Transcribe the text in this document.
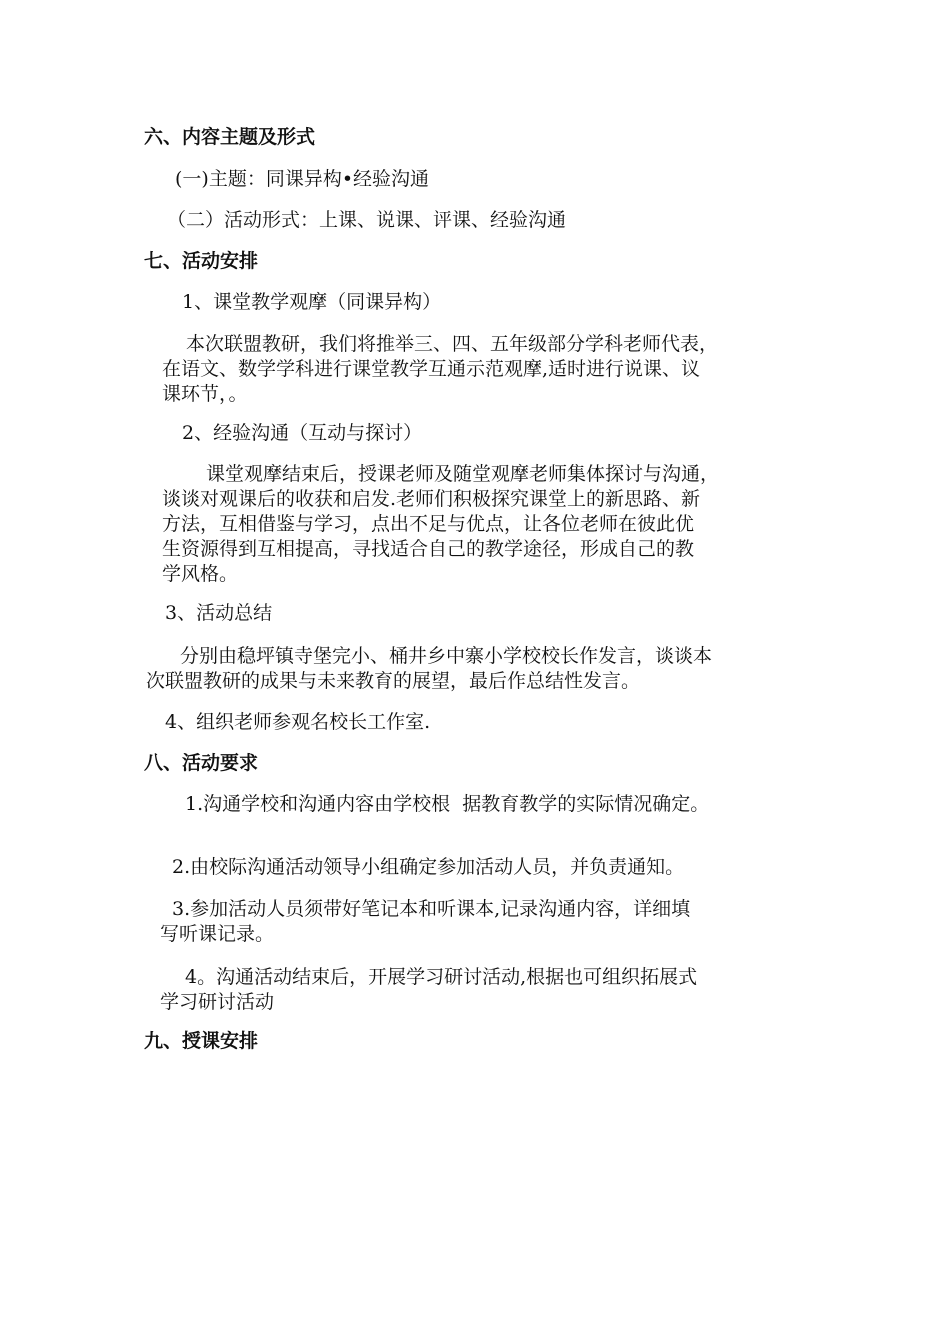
六、内容主题及形式
(一)主题：同课异构•经验沟通
（二）活动形式：上课、说课、评课、经验沟通
七、活动安排
1、课堂教学观摩（同课异构）
本次联盟教研，我们将推举三、四、五年级部分学科老师代表，
在语文、数学学科进行课堂教学互通示范观摩,适时进行说课、议
课环节，。
2、经验沟通（互动与探讨）
课堂观摩结束后，授课老师及随堂观摩老师集体探讨与沟通，
谈谈对观课后的收获和启发.老师们积极探究课堂上的新思路、新
方法，互相借鉴与学习，点出不足与优点，让各位老师在彼此优
生资源得到互相提高，寻找适合自己的教学途径，形成自己的教
学风格。
3、活动总结
分别由稳坪镇寺堡完小、桶井乡中寨小学校校长作发言，谈谈本
次联盟教研的成果与未来教育的展望，最后作总结性发言。
4、组织老师参观名校长工作室.
八、活动要求
1.沟通学校和沟通内容由学校根  据教育教学的实际情况确定。
2.由校际沟通活动领导小组确定参加活动人员，并负责通知。
3.参加活动人员须带好笔记本和听课本,记录沟通内容，详细填
写听课记录。
4。沟通活动结束后，开展学习研讨活动,根据也可组织拓展式
学习研讨活动
九、授课安排
